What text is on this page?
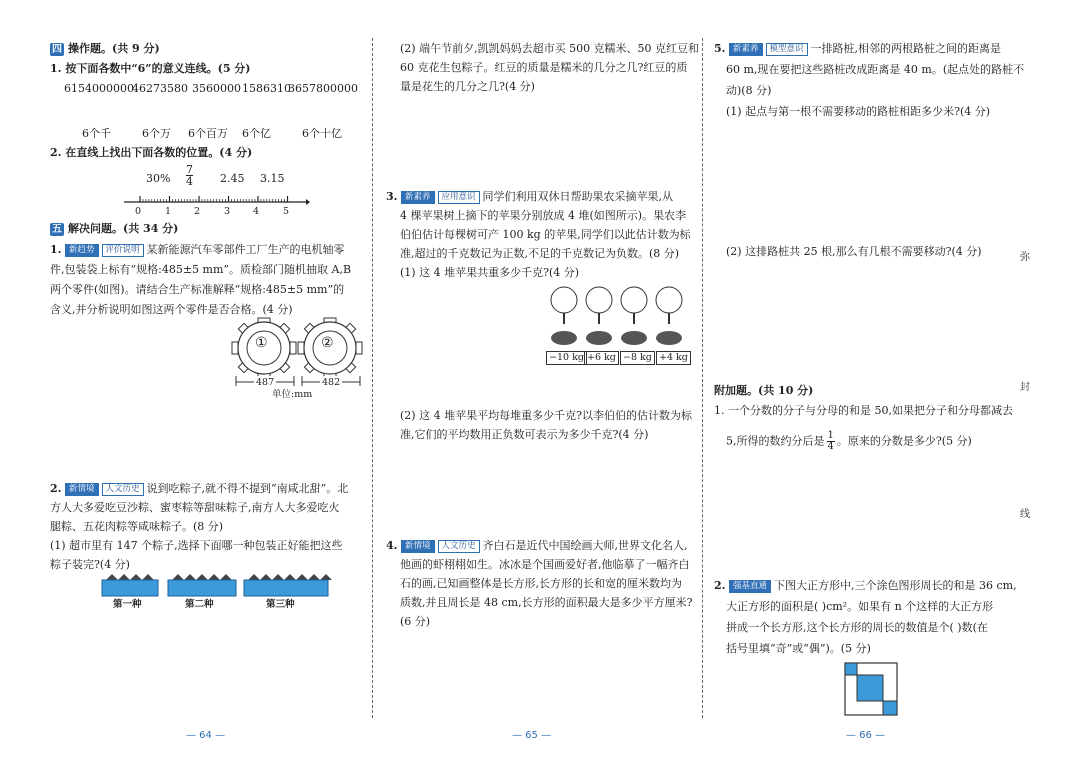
四 操作题。(共 9 分)
1. 按下面各数中“6”的意义连线。(5 分)
6154000000
46273580 3560000 1586310
3657800000
6个千	6个万 6个百万 6个亿	6个十亿
2. 在直线上找出下面各数的位置。(4 分)
$30\% \frac{7}{4} 2.45$ 3.15
0	1 2	3 4	5
五 解决问题。(共 34 分)
1. 新趋势 评价说明 某新能源汽车零部件工厂生产的电机轴零
件,包装袋上标有“规格:485±5 mm”。质检部门随机抽取 A,B
两个零件(如图)。请结合生产标准解释“规格:485±5 mm”的
含义,并分析说明如图这两个零件是否合格。(4 分)
①	②
487	482
单位:mm
2. 新情境 人文历史 说到吃粽子,就不得不提到“南咸北甜”。北
方人大多爱吃豆沙粽、蜜枣粽等甜味粽子,南方人大多爱吃火
腿粽、五花肉粽等咸味粽子。(8 分)
(1) 超市里有 147 个粽子,选择下面哪一种包装正好能把这些
粽子装完?(4 分)
第一种	第二种	第三种
— 64 —
(2) 端午节前夕,凯凯妈妈去超市买 500 克糯米、50 克红豆和
60 克花生包粽子。红豆的质量是糯米的几分之几?红豆的质
量是花生的几分之几?(4 分)
3. 新素养 应用意识 同学们利用双休日帮助果农采摘苹果,从
4 棵苹果树上摘下的苹果分别放成 4 堆(如图所示)。果农李
伯伯估计每棵树可产 100 kg 的苹果,同学们以此估计数为标
准,超过的千克数记为正数,不足的千克数记为负数。(8 分)
(1) 这 4 堆苹果共重多少千克?(4 分)
−10 kg +6 kg −8 kg +4 kg
(2) 这 4 堆苹果平均每堆重多少千克?以李伯伯的估计数为标
准,它们的平均数用正负数可表示为多少千克?(4 分)
4. 新情境 人文历史 齐白石是近代中国绘画大师,世界文化名人,
他画的虾栩栩如生。冰冰是个国画爱好者,他临摹了一幅齐白
石的画,已知画整体是长方形,长方形的长和宽的厘米数均为
质数,并且周长是 48 cm,长方形的面积最大是多少平方厘米?
(6 分)
— 65 —
5. 新素养 模型意识 一排路桩,相邻的两根路桩之间的距离是
60 m,现在要把这些路桩改成距离是 40 m。(起点处的路桩不
动)(8 分)
(1) 起点与第一根不需要移动的路桩相距多少米?(4 分)
(2) 这排路桩共 25 根,那么有几根不需要移动?(4 分)
附加题。(共 10 分)
1. 一个分数的分子与分母的和是 50,如果把分子和分母都减去
5,所得的数约分后是 $\frac{1}{4}$ 。原来的分数是多少?(5 分)
2. 强基直通 下图大正方形中,三个涂色图形周长的和是 36 cm,
大正方形的面积是( )cm²。如果有 n 个这样的大正方形
拼成一个长方形,这个长方形的周长的数值是个( )数(在
括号里填“奇”或“偶”)。(5 分)
— 66 —
弥
封
线
